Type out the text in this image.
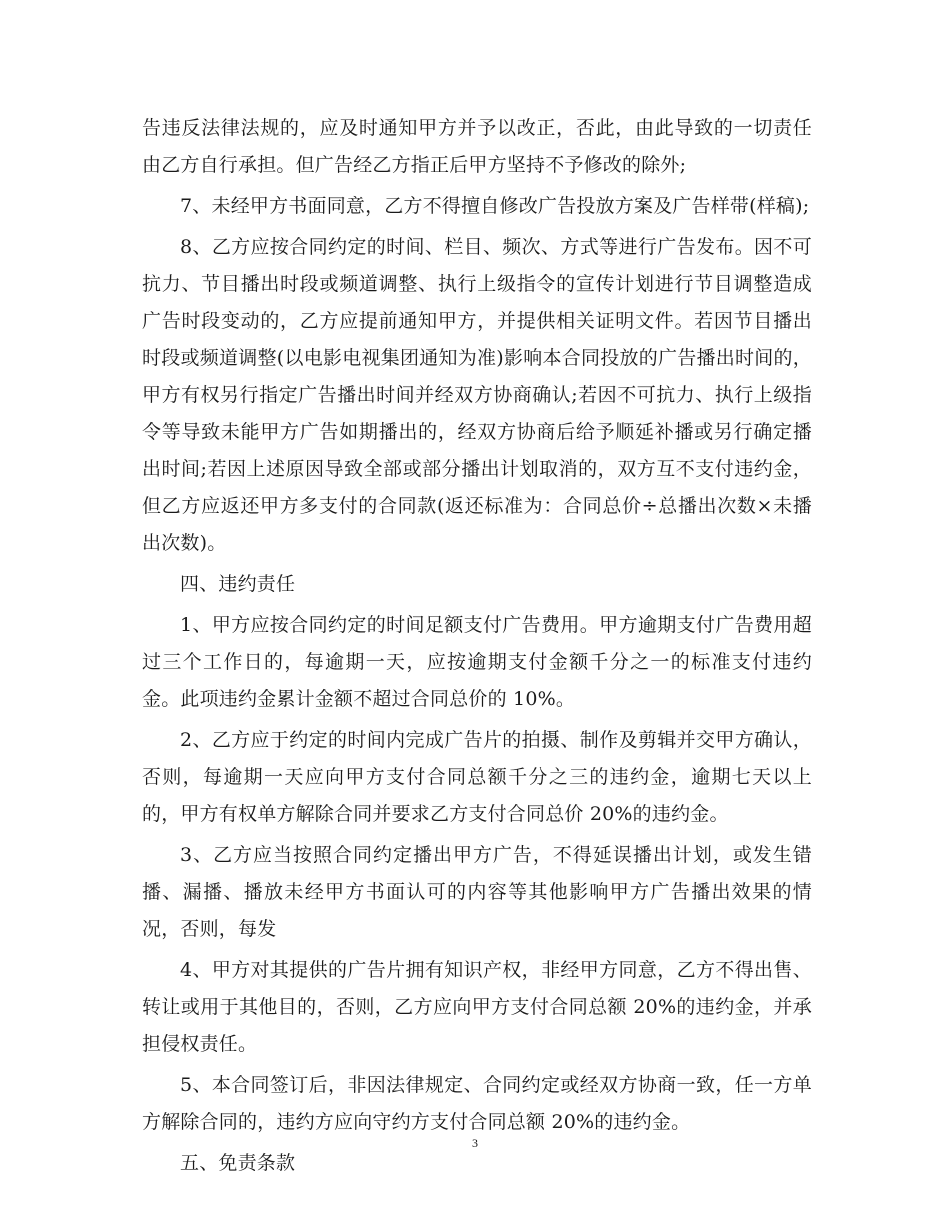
告违反法律法规的，应及时通知甲方并予以改正，否此，由此导致的一切责任由乙方自行承担。但广告经乙方指正后甲方坚持不予修改的除外;

7、未经甲方书面同意，乙方不得擅自修改广告投放方案及广告样带(样稿);

8、乙方应按合同约定的时间、栏目、频次、方式等进行广告发布。因不可抗力、节目播出时段或频道调整、执行上级指令的宣传计划进行节目调整造成广告时段变动的，乙方应提前通知甲方，并提供相关证明文件。若因节目播出时段或频道调整(以电影电视集团通知为准)影响本合同投放的广告播出时间的，甲方有权另行指定广告播出时间并经双方协商确认;若因不可抗力、执行上级指令等导致未能甲方广告如期播出的，经双方协商后给予顺延补播或另行确定播出时间;若因上述原因导致全部或部分播出计划取消的，双方互不支付违约金，但乙方应返还甲方多支付的合同款(返还标准为：合同总价÷总播出次数×未播出次数)。

四、违约责任

1、甲方应按合同约定的时间足额支付广告费用。甲方逾期支付广告费用超过三个工作日的，每逾期一天，应按逾期支付金额千分之一的标准支付违约金。此项违约金累计金额不超过合同总价的 10%。

2、乙方应于约定的时间内完成广告片的拍摄、制作及剪辑并交甲方确认，否则，每逾期一天应向甲方支付合同总额千分之三的违约金，逾期七天以上的，甲方有权单方解除合同并要求乙方支付合同总价 20%的违约金。

3、乙方应当按照合同约定播出甲方广告，不得延误播出计划，或发生错播、漏播、播放未经甲方书面认可的内容等其他影响甲方广告播出效果的情况，否则，每发

4、甲方对其提供的广告片拥有知识产权，非经甲方同意，乙方不得出售、转让或用于其他目的，否则，乙方应向甲方支付合同总额 20%的违约金，并承担侵权责任。

5、本合同签订后，非因法律规定、合同约定或经双方协商一致，任一方单方解除合同的，违约方应向守约方支付合同总额 20%的违约金。

五、免责条款

3
